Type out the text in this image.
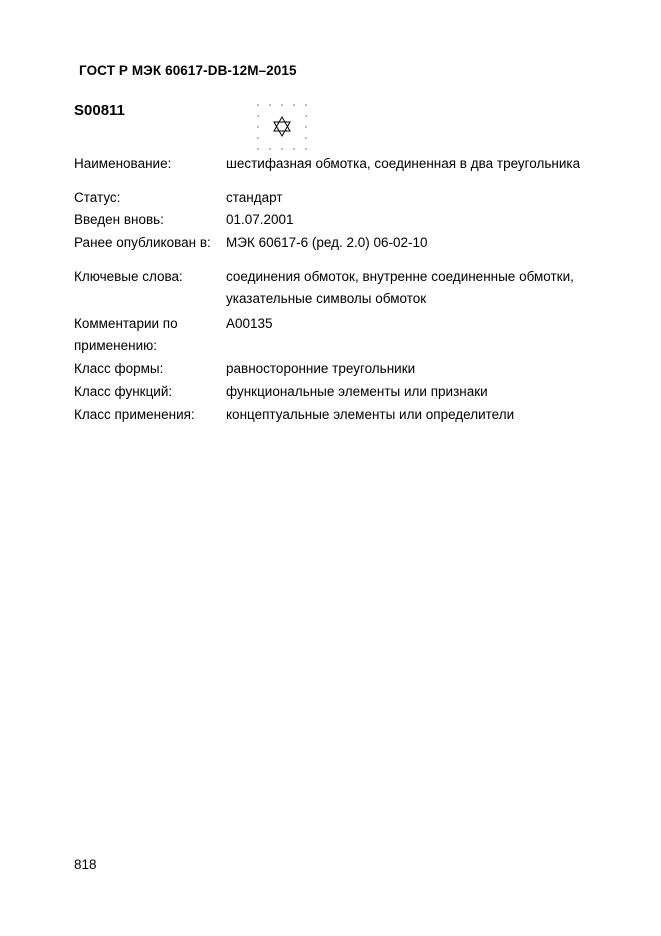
ГОСТ Р МЭК 60617-DB-12M–2015
S00811
Наименование:	шестифазная обмотка, соединенная в два треугольника
Статус:	стандарт
Введен вновь:	01.07.2001
Ранее опубликован в:	МЭК 60617-6 (ред. 2.0) 06-02-10
Ключевые слова:	соединения обмоток, внутренне соединенные обмотки,
указательные символы обмоток
Комментарии по
применению:
A00135
Класс формы:	равносторонние треугольники
Класс функций:	функциональные элементы или признаки
Класс применения:	концептуальные элементы или определители
818
